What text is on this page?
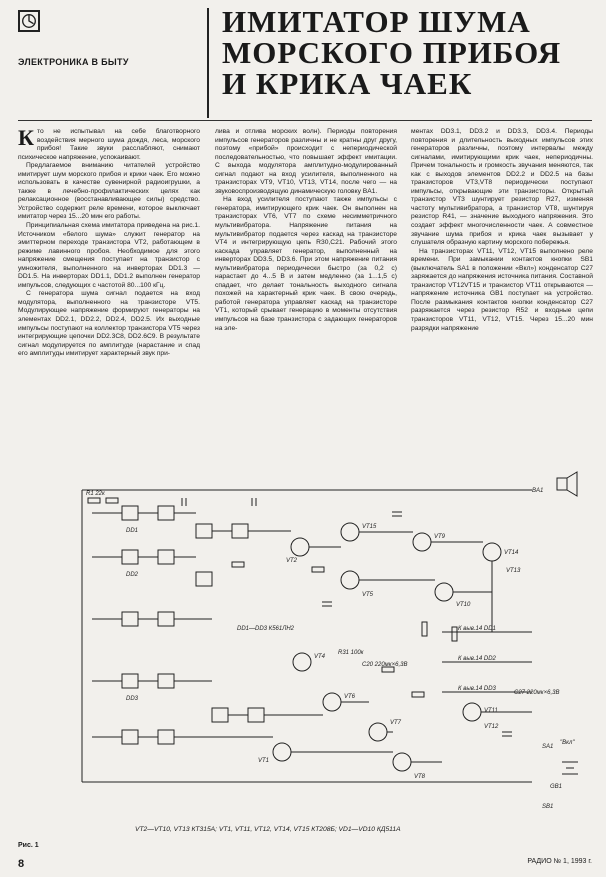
ЭЛЕКТРОНИКА В БЫТУ
ИМИТАТОР ШУМА
МОРСКОГО ПРИБОЯ
И КРИКА ЧАЕК

Кто не испытывал на себе благотворного воздействия мерного шума дождя, леса, морского прибоя! Такие звуки расслабляют, снимают психическое напряжение, успокаивают.

Предлагаемое вниманию читателей устройство имитирует шум морского прибоя и крики чаек. Его можно использовать в качестве сувенирной радиоигрушки, а также в лечебно-профилактических целях как релаксационное (восстанавливающее силы) средство. Устройство содержит реле времени, которое выключает имитатор через 15...20 мин его работы.

Принципиальная схема имитатора приведена на рис.1. Источником «белого шума» служит генератор на эмиттерном переходе транзистора VT2, работающем в режиме лавинного пробоя. Необходимое для этого напряжение смещения поступает на транзистор с умножителя, выполненного на инверторах DD1.3 — DD1.5. На инверторах DD1.1, DD1.2 выполнен генератор импульсов, следующих с частотой 80...100 кГц.

С генератора шума сигнал подается на вход модулятора, выполненного на транзисторе VT5. Модулирующее напряжение формируют генераторы на элементах DD2.1, DD2.2, DD2.4, DD2.5. Их выходные импульсы поступают на коллектор транзистора VT5 через интегрирующие цепочки DD2.3C8, DD2.6C9. В результате сигнал модулируется по амплитуде (нарастание и спад его амплитуды имитирует характерный звук при-

лива и отлива морских волн). Периоды повторения импульсов генераторов различны и не кратны друг другу, поэтому «прибой» происходит с непериодической последовательностью, что повышает эффект имитации. С выхода модулятора амплитудно-модулированный сигнал подают на вход усилителя, выполненного на транзисторах VT9, VT10, VT13, VT14, после чего — на звуковоспроизводящую динамическую головку BA1.

На вход усилителя поступают также импульсы с генератора, имитирующего крик чаек. Он выполнен на транзисторах VT6, VT7 по схеме несимметричного мультивибратора. Напряжение питания на мультивибратор подается через каскад на транзисторе VT4 и интегрирующую цепь R30,C21. Рабочий этого каскада управляет генератор, выполненный на инверторах DD3.5, DD3.6. При этом напряжение питания мультивибратора периодически быстро (за 0,2 с) нарастает до 4...5 В и затем медленно (за 1...1,5 с) спадает, что делает тональность выходного сигнала похожей на характерный крик чаек. В свою очередь, работой генератора управляет каскад на транзисторе VT1, который срывает генерацию в моменты отсутствия импульсов на базе транзистора с задающих генераторов на эле-

ментах DD3.1, DD3.2 и DD3.3, DD3.4. Периоды повторения и длительность выходных импульсов этих генераторов различны, поэтому интервалы между сигналами, имитирующими крик чаек, непериодичны. Причем тональность и громкость звучания меняются, так как с выходов элементов DD2.2 и DD2.5 на базы транзисторов VT3,VT8 периодически поступают импульсы, открывающие эти транзисторы. Открытый транзистор VT3 шунтирует резистор R27, изменяя частоту мультивибратора, а транзистор VT8, шунтируя резистор R41, — значение выходного напряжения. Это создает эффект многочисленности чаек. А совместное звучание шума прибоя и крика чаек вызывает у слушателя образную картину морского побережья.

На транзисторах VT11, VT12, VT15 выполнено реле времени. При замыкании контактов кнопки SB1 (выключатель SA1 в положении «Вкл») конденсатор C27 заряжается до напряжения источника питания. Составной транзистор VT12VT15 и транзистор VT11 открываются — напряжение источника GB1 поступает на устройство. После размыкания контактов кнопки конденсатор C27 разряжается через резистор R52 и входные цепи транзисторов VT11, VT12, VT15. Через 15...20 мин разрядки напряжение

R1 22к
DD1
DD2
DD3
DD1—DD3 К561ЛН2
VT2
VT15
VT5
VT9
VT10
VT14
VT13
VT4
VT6
VT7
VT1
VT8
VT11
VT12
BA1
GB1
SA1
"Вкл"
SB1
C27 220мк×6,3В
R31 100к
C20 220мк×6,3В
К выв.14 DD1
К выв.14 DD2
К выв.14 DD3
VT2—VT10, VT13 КТ315А; VT1, VT11, VT12, VT14, VT15 КТ208Б; VD1—VD10 КД511А
Рис. 1
8	РАДИО № 1, 1993 г.
